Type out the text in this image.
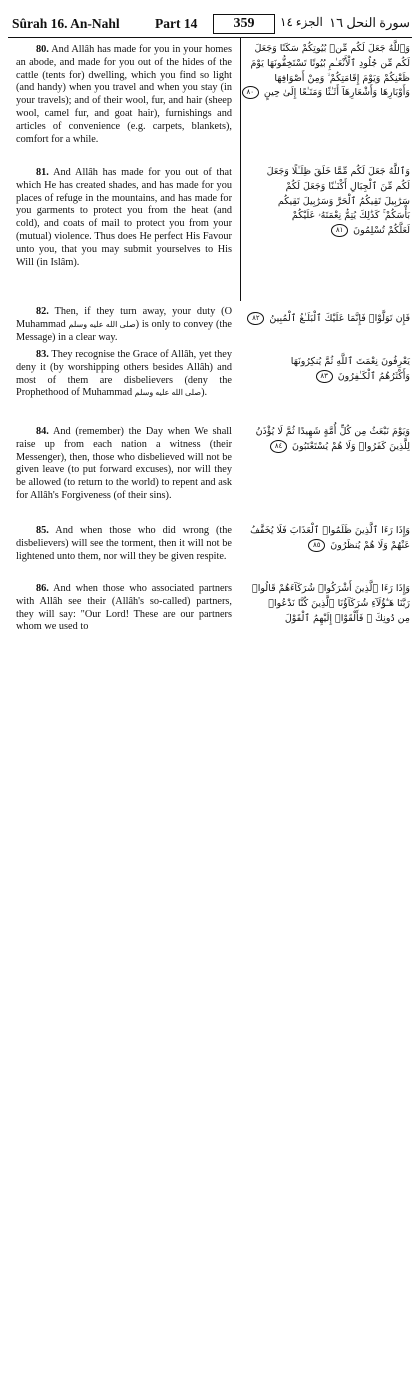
Sûrah 16. An-Nahl	Part 14	359	الجزء ١٤ سورة النحل ١٦
80. And Allâh has made for you in your homes an abode, and made for you out of the hides of the cattle (tents for) dwelling, which you find so light (and handy) when you travel and when you stay (in your travels); and of their wool, fur, and hair (sheep wool, camel fur, and goat hair), furnishings and articles of convenience (e.g. carpets, blankets), comfort for a while.
وَٱللَّهُ جَعَلَ لَكُم مِّنۢ بُيُوتِكُمْ سَكَنًا وَجَعَلَ
لَكُم مِّن جُلُودِ ٱلْأَنْعَـٰمِ بُيُوتًا تَسْتَخِفُّونَهَا يَوْمَ
ظَعْنِكُمْ وَيَوْمَ إِقَامَتِكُمْ ۙ وَمِنْ أَصْوَافِهَا
وَأَوْبَارِهَا وَأَشْعَارِهَآ أَثَـٰثًا وَمَتَـٰعًا إِلَىٰ حِينٍ ٨٠
81. And Allâh has made for you out of that which He has created shades, and has made for you places of refuge in the mountains, and has made for you garments to protect you from the heat (and cold), and coats of mail to protect you from your (mutual) violence. Thus does He perfect His Favour unto you, that you may submit yourselves to His Will (in Islâm).
وَٱللَّهُ جَعَلَ لَكُم مِّمَّا خَلَقَ ظِلَـٰلًا وَجَعَلَ
لَكُم مِّنَ ٱلْجِبَالِ أَكْنَـٰنًا وَجَعَلَ لَكُمْ
سَرَٰبِيلَ تَقِيكُمُ ٱلْحَرَّ وَسَرَٰبِيلَ تَقِيكُم
بَأْسَكُمْ ۚ كَذَٰلِكَ يُتِمُّ نِعْمَتَهُۥ عَلَيْكُمْ
لَعَلَّكُمْ تُسْلِمُونَ ٨١
82. Then, if they turn away, your duty (O Muhammad صلى الله عليه وسلم) is only to convey (the Message) in a clear way.
فَإِن تَوَلَّوْا۟ فَإِنَّمَا عَلَيْكَ ٱلْبَلَـٰغُ ٱلْمُبِينُ ٨٢
83. They recognise the Grace of Allâh, yet they deny it (by worshipping others besides Allâh) and most of them are disbelievers (deny the Prophethood of Muhammad صلى الله عليه وسلم).
يَعْرِفُونَ نِعْمَتَ ٱللَّهِ ثُمَّ يُنكِرُونَهَا
وَأَكْثَرُهُمُ ٱلْكَـٰفِرُونَ ٨٣
84. And (remember) the Day when We shall raise up from each nation a witness (their Messenger), then, those who disbelieved will not be given leave (to put forward excuses), nor will they be allowed (to return to the world) to repent and ask for Allâh's Forgiveness (of their sins).
وَيَوْمَ نَبْعَثُ مِن كُلِّ أُمَّةٍ شَهِيدًا ثُمَّ لَا يُؤْذَنُ
لِلَّذِينَ كَفَرُوا۟ وَلَا هُمْ يُسْتَعْتَبُونَ ٨٤
85. And when those who did wrong (the disbelievers) will see the torment, then it will not be lightened unto them, nor will they be given respite.
وَإِذَا رَءَا ٱلَّذِينَ ظَلَمُوا۟ ٱلْعَذَابَ فَلَا يُخَفَّفُ
عَنْهُمْ وَلَا هُمْ يُنظَرُونَ ٨٥
86. And when those who associated partners with Allâh see their (Allâh's so-called) partners, they will say: "Our Lord! These are our partners whom we used to
وَإِذَا رَءَا ٱلَّذِينَ أَشْرَكُوا۟ شُرَكَآءَهُمْ قَالُوا۟
رَبَّنَا هَـٰٓؤُلَآءِ شُرَكَآؤُنَا ٱلَّذِينَ كُنَّا نَدْعُوا۟
مِن دُونِكَ ۖ فَأَلْقَوْا۟ إِلَيْهِمُ ٱلْقَوْلَ
